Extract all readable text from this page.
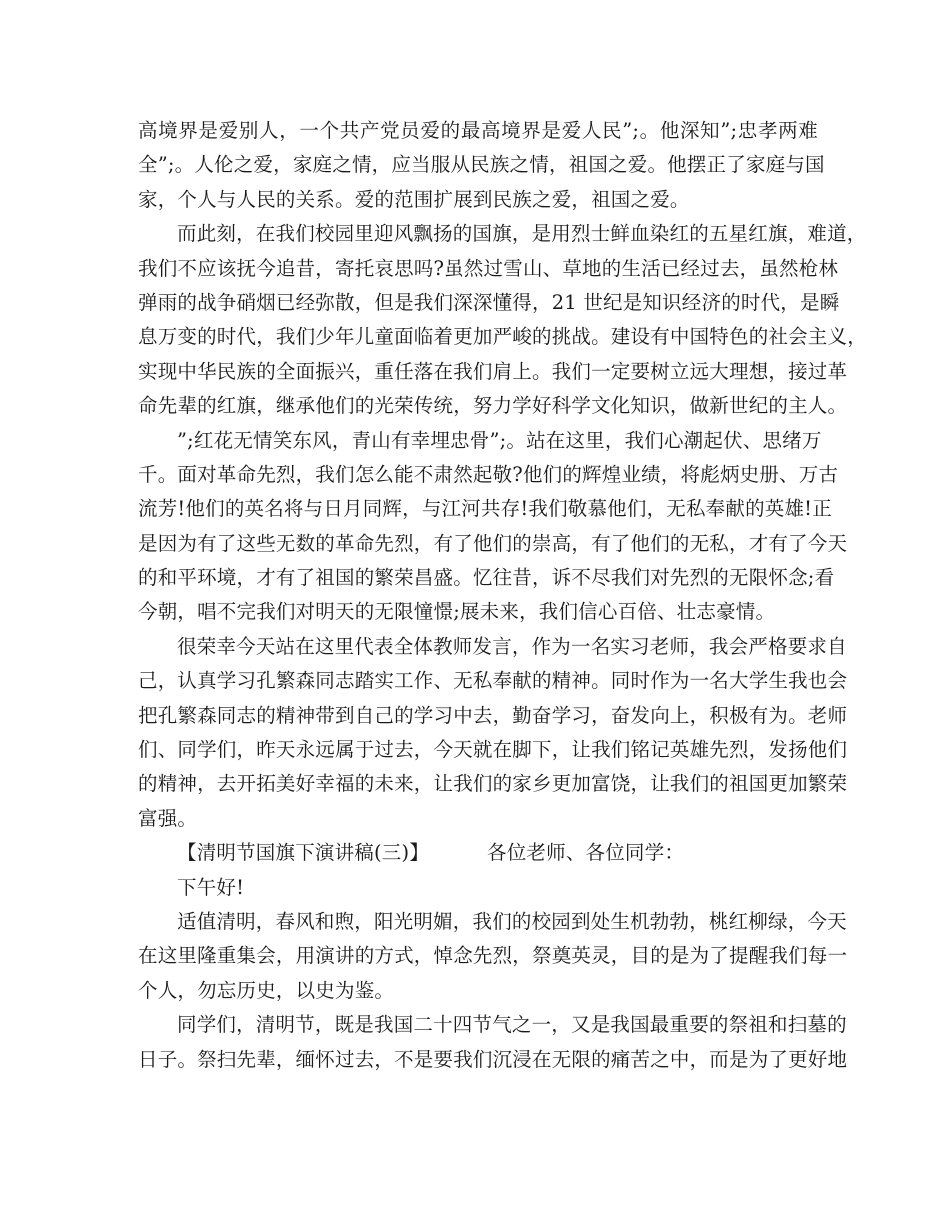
高境界是爱别人，一个共产党员爱的最高境界是爱人民”;。他深知”;忠孝两难
全”;。人伦之爱，家庭之情，应当服从民族之情，祖国之爱。他摆正了家庭与国
家，个人与人民的关系。爱的范围扩展到民族之爱，祖国之爱。
而此刻，在我们校园里迎风飘扬的国旗，是用烈士鲜血染红的五星红旗，难道，
我们不应该抚今追昔，寄托哀思吗?虽然过雪山、草地的生活已经过去，虽然枪林
弹雨的战争硝烟已经弥散，但是我们深深懂得，21 世纪是知识经济的时代，是瞬
息万变的时代，我们少年儿童面临着更加严峻的挑战。建设有中国特色的社会主义，
实现中华民族的全面振兴，重任落在我们肩上。我们一定要树立远大理想，接过革
命先辈的红旗，继承他们的光荣传统，努力学好科学文化知识，做新世纪的主人。
”;红花无情笑东风，青山有幸埋忠骨”;。站在这里，我们心潮起伏、思绪万
千。面对革命先烈，我们怎么能不肃然起敬?他们的辉煌业绩，将彪炳史册、万古
流芳!他们的英名将与日月同辉，与江河共存!我们敬慕他们，无私奉献的英雄!正
是因为有了这些无数的革命先烈，有了他们的崇高，有了他们的无私，才有了今天
的和平环境，才有了祖国的繁荣昌盛。忆往昔，诉不尽我们对先烈的无限怀念;看
今朝，唱不完我们对明天的无限憧憬;展未来，我们信心百倍、壮志豪情。
很荣幸今天站在这里代表全体教师发言，作为一名实习老师，我会严格要求自
己，认真学习孔繁森同志踏实工作、无私奉献的精神。同时作为一名大学生我也会
把孔繁森同志的精神带到自己的学习中去，勤奋学习，奋发向上，积极有为。老师
们、同学们，昨天永远属于过去，今天就在脚下，让我们铭记英雄先烈，发扬他们
的精神，去开拓美好幸福的未来，让我们的家乡更加富饶，让我们的祖国更加繁荣
富强。
【清明节国旗下演讲稿(三)】	各位老师、各位同学：
下午好!
适值清明，春风和煦，阳光明媚，我们的校园到处生机勃勃，桃红柳绿，今天
在这里隆重集会，用演讲的方式，悼念先烈，祭奠英灵，目的是为了提醒我们每一
个人，勿忘历史，以史为鉴。
同学们，清明节，既是我国二十四节气之一，又是我国最重要的祭祖和扫墓的
日子。祭扫先辈，缅怀过去，不是要我们沉浸在无限的痛苦之中，而是为了更好地
